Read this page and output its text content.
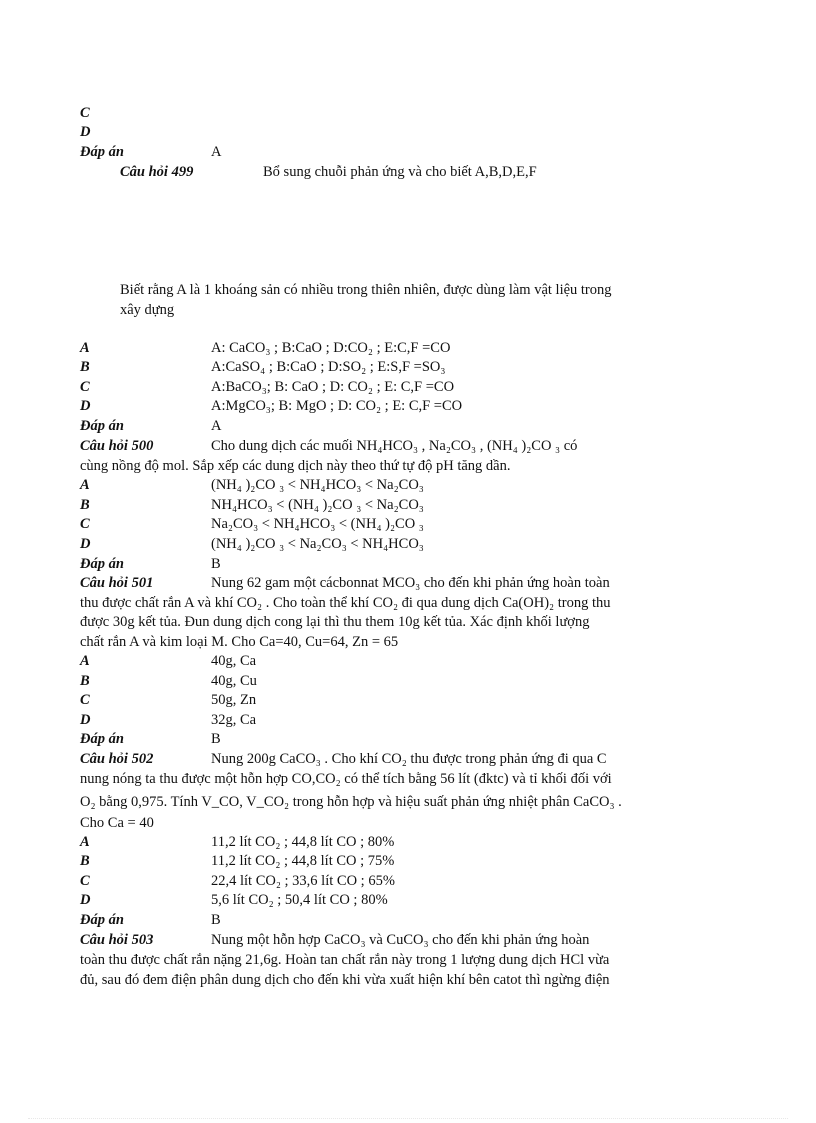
C
D
Đáp án	A
Câu hỏi 499	Bổ sung chuỗi phản ứng và cho biết A,B,D,E,F
Biết rằng A là 1 khoáng sản có nhiều trong thiên nhiên, được dùng làm vật liệu trong
xây dựng
A	A: CaCO₃ ; B:CaO ; D:CO₂ ; E:C,F =CO
B	A:CaSO₄ ; B:CaO ; D:SO₂ ; E:S,F =SO₃
C	A:BaCO₃; B: CaO ; D: CO₂ ; E: C,F =CO
D	A:MgCO₃; B: MgO ; D: CO₂ ; E: C,F =CO
Đáp án	A
Câu hỏi 500	Cho dung dịch các muối NH₄HCO₃ , Na₂CO₃ , (NH₄ )₂CO ₃ có
cùng nồng độ mol. Sắp xếp các dung dịch này theo thứ tự độ pH tăng dần.
A	(NH₄ )₂CO ₃ < NH₄HCO₃ < Na₂CO₃
B	NH₄HCO₃ < (NH₄ )₂CO ₃ < Na₂CO₃
C	Na₂CO₃ < NH₄HCO₃ < (NH₄ )₂CO ₃
D	(NH₄ )₂CO ₃ < Na₂CO₃ < NH₄HCO₃
Đáp án	B
Câu hỏi 501	Nung 62 gam một cácbonnat MCO₃ cho đến khi phản ứng hoàn toàn
thu được chất rắn A và khí CO₂ . Cho toàn thể khí CO₂ đi qua dung dịch Ca(OH)₂ trong thu
được 30g kết tủa. Đun dung dịch cong lại thì thu them 10g kết tủa. Xác định khối lượng
chất rắn A và kim loại M. Cho Ca=40, Cu=64, Zn = 65
A	40g, Ca
B	40g, Cu
C	50g, Zn
D	32g, Ca
Đáp án	B
Câu hỏi 502	Nung 200g CaCO₃ . Cho khí CO₂ thu được trong phản ứng đi qua C
nung nóng ta thu được một hỗn hợp CO,CO₂ có thể tích bằng 56 lít (đktc) và tỉ khối đối với
O₂ bằng 0,975. Tính V_CO, V_CO₂ trong hỗn hợp và hiệu suất phản ứng nhiệt phân CaCO₃ .
Cho Ca = 40
A	11,2 lít CO₂ ; 44,8 lít CO ; 80%
B	11,2 lít CO₂ ; 44,8 lít CO ; 75%
C	22,4 lít CO₂ ; 33,6 lít CO ; 65%
D	5,6 lít CO₂ ; 50,4 lít CO ; 80%
Đáp án	B
Câu hỏi 503	Nung một hỗn hợp CaCO₃ và CuCO₃ cho đến khi phản ứng hoàn
toàn thu được chất rắn nặng 21,6g. Hoàn tan chất rắn này trong 1 lượng dung dịch HCl vừa
đủ, sau đó đem điện phân dung dịch cho đến khi vừa xuất hiện khí bên catot thì ngừng điện
